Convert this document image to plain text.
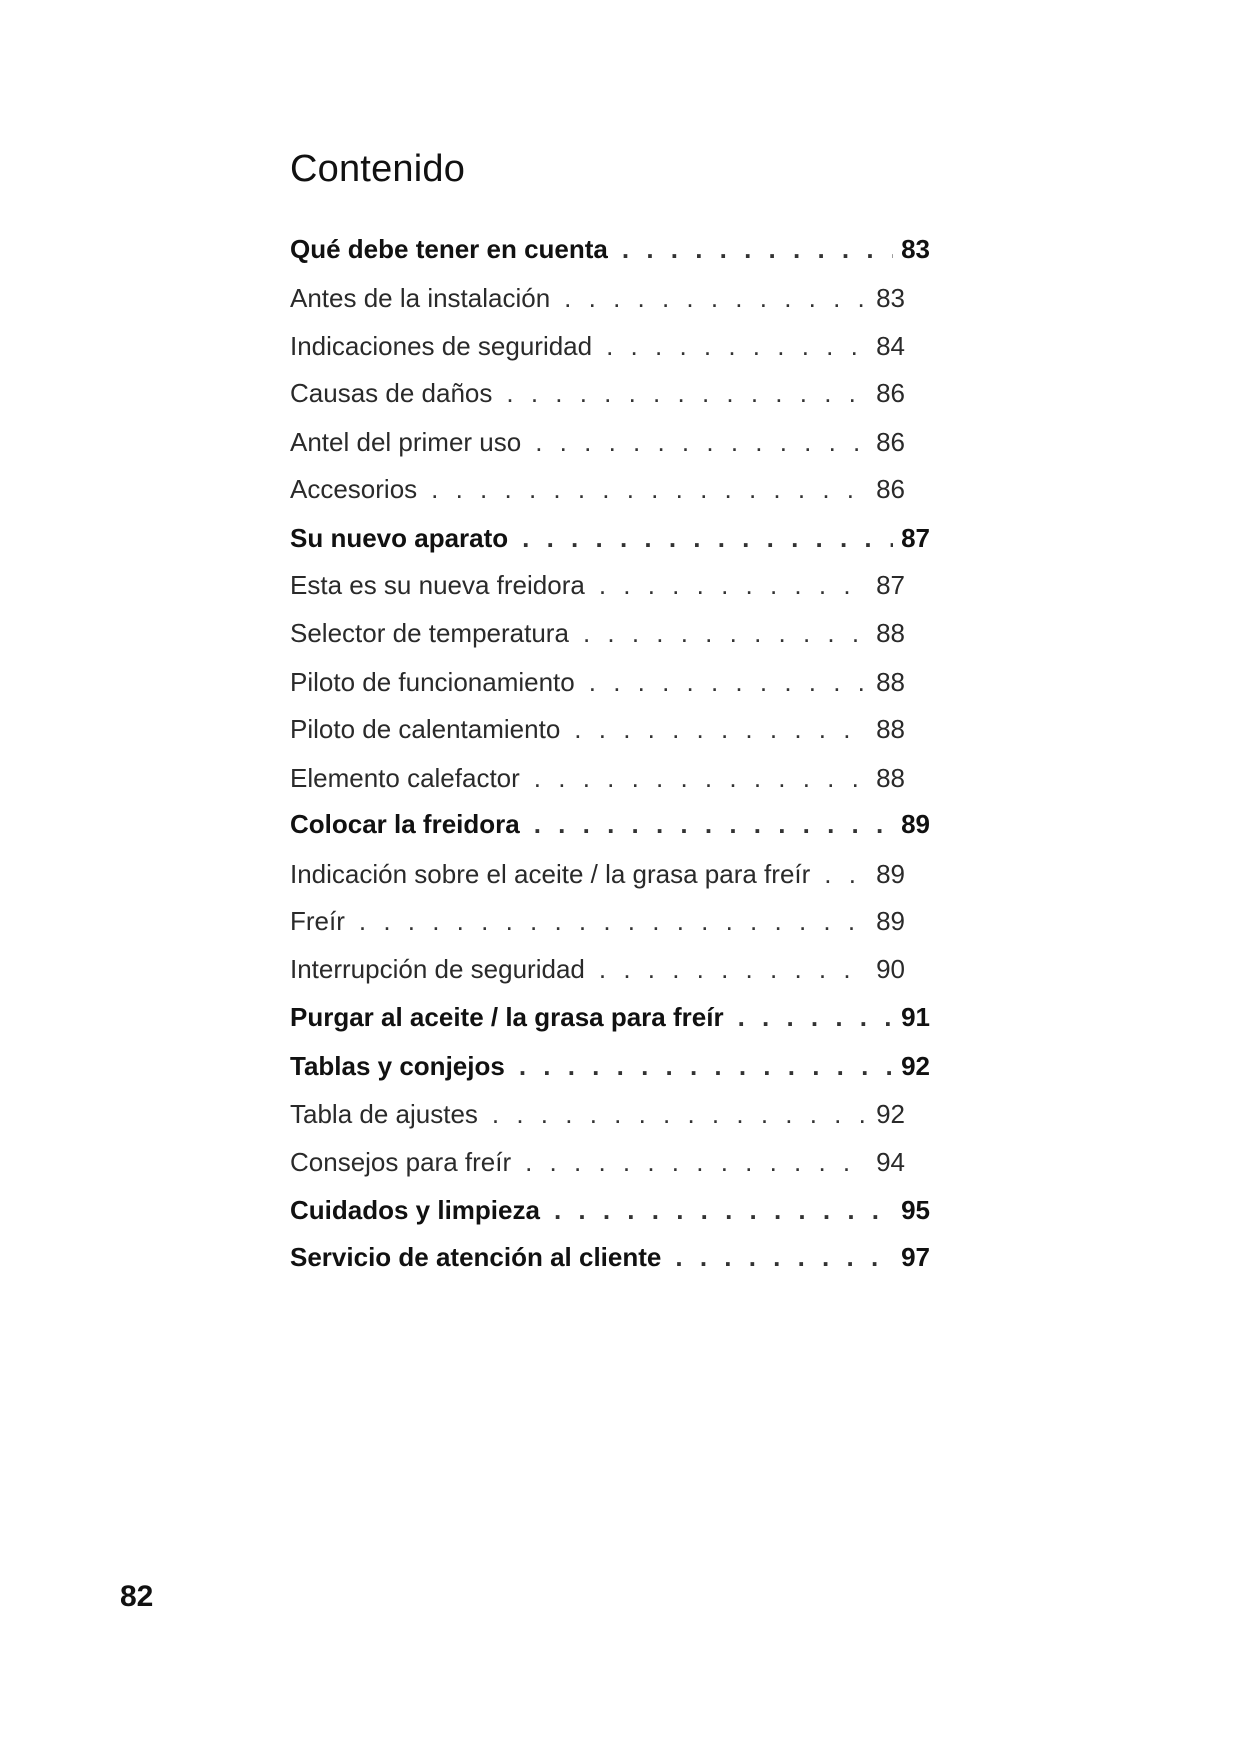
Contenido
Qué debe tener en cuenta . . .	83
Antes de la instalación . . .	83
Indicaciones de seguridad . . .	84
Causas de daños . . .	86
Antel del primer uso . . .	86
Accesorios . . .	86
Su nuevo aparato . . .	87
Esta es su nueva freidora . . .	87
Selector de temperatura . . .	88
Piloto de funcionamiento . . .	88
Piloto de calentamiento . . .	88
Elemento calefactor . . .	88
Colocar la freidora . . .	89
Indicación sobre el aceite / la grasa para freír . . .	89
Freír . . .	89
Interrupción de seguridad . . .	90
Purgar al aceite / la grasa para freír . . .	91
Tablas y conjejos . . .	92
Tabla de ajustes . . .	92
Consejos para freír . . .	94
Cuidados y limpieza . . .	95
Servicio de atención al cliente . . .	97
82
